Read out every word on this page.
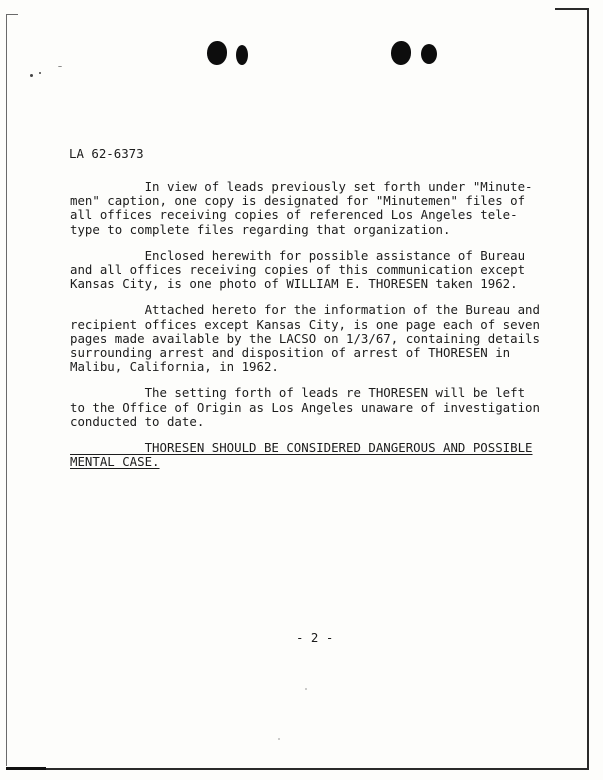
LA 62-6373

In view of leads previously set forth under "Minute-
men" caption, one copy is designated for "Minutemen" files of
all offices receiving copies of referenced Los Angeles tele-
type to complete files regarding that organization.

Enclosed herewith for possible assistance of Bureau
and all offices receiving copies of this communication except
Kansas City, is one photo of WILLIAM E. THORESEN taken 1962.

Attached hereto for the information of the Bureau and
recipient offices except Kansas City, is one page each of seven
pages made available by the LACSO on 1/3/67, containing details
surrounding arrest and disposition of arrest of THORESEN in
Malibu, California, in 1962.

The setting forth of leads re THORESEN will be left
to the Office of Origin as Los Angeles unaware of investigation
conducted to date.

THORESEN SHOULD BE CONSIDERED DANGEROUS AND POSSIBLE
MENTAL CASE.

- 2 -
